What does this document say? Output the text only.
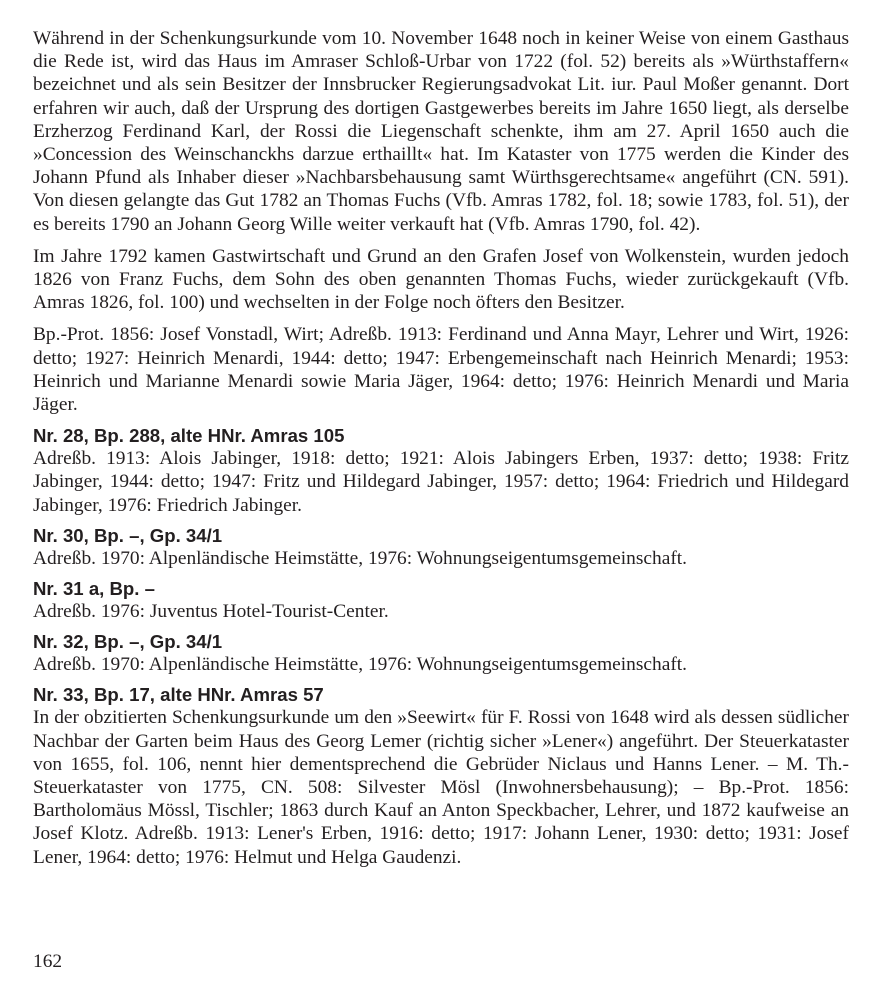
Während in der Schenkungsurkunde vom 10. November 1648 noch in keiner Weise von einem Gasthaus die Rede ist, wird das Haus im Amraser Schloß-Urbar von 1722 (fol. 52) bereits als »Würthstaffern« bezeichnet und als sein Besitzer der Innsbrucker Regierungsadvokat Lit. iur. Paul Moßer genannt. Dort erfahren wir auch, daß der Ursprung des dortigen Gastgewerbes bereits im Jahre 1650 liegt, als derselbe Erzherzog Ferdinand Karl, der Rossi die Liegenschaft schenkte, ihm am 27. April 1650 auch die »Concession des Weinschanckhs darzue erthaillt« hat. Im Kataster von 1775 werden die Kinder des Johann Pfund als Inhaber dieser »Nachbarsbehausung samt Würthsgerechtsame« angeführt (CN. 591). Von diesen gelangte das Gut 1782 an Thomas Fuchs (Vfb. Amras 1782, fol. 18; sowie 1783, fol. 51), der es bereits 1790 an Johann Georg Wille weiter verkauft hat (Vfb. Amras 1790, fol. 42).

Im Jahre 1792 kamen Gastwirtschaft und Grund an den Grafen Josef von Wolkenstein, wurden jedoch 1826 von Franz Fuchs, dem Sohn des oben genannten Thomas Fuchs, wieder zurückgekauft (Vfb. Amras 1826, fol. 100) und wechselten in der Folge noch öfters den Besitzer.

Bp.-Prot. 1856: Josef Vonstadl, Wirt; Adreßb. 1913: Ferdinand und Anna Mayr, Lehrer und Wirt, 1926: detto; 1927: Heinrich Menardi, 1944: detto; 1947: Erbengemeinschaft nach Heinrich Menardi; 1953: Heinrich und Marianne Menardi sowie Maria Jäger, 1964: detto; 1976: Heinrich Menardi und Maria Jäger.

Nr. 28, Bp. 288, alte HNr. Amras 105

Adreßb. 1913: Alois Jabinger, 1918: detto; 1921: Alois Jabingers Erben, 1937: detto; 1938: Fritz Jabinger, 1944: detto; 1947: Fritz und Hildegard Jabinger, 1957: detto; 1964: Friedrich und Hildegard Jabinger, 1976: Friedrich Jabinger.

Nr. 30, Bp. –, Gp. 34/1

Adreßb. 1970: Alpenländische Heimstätte, 1976: Wohnungseigentumsgemeinschaft.

Nr. 31 a, Bp. –

Adreßb. 1976: Juventus Hotel-Tourist-Center.

Nr. 32, Bp. –, Gp. 34/1

Adreßb. 1970: Alpenländische Heimstätte, 1976: Wohnungseigentumsgemeinschaft.

Nr. 33, Bp. 17, alte HNr. Amras 57

In der obzitierten Schenkungsurkunde um den »Seewirt« für F. Rossi von 1648 wird als dessen südlicher Nachbar der Garten beim Haus des Georg Lemer (richtig sicher »Lener«) angeführt. Der Steuerkataster von 1655, fol. 106, nennt hier dementsprechend die Gebrüder Niclaus und Hanns Lener. – M. Th.-Steuerkataster von 1775, CN. 508: Silvester Mösl (Inwohnersbehausung); – Bp.-Prot. 1856: Bartholomäus Mössl, Tischler; 1863 durch Kauf an Anton Speckbacher, Lehrer, und 1872 kaufweise an Josef Klotz. Adreßb. 1913: Lener's Erben, 1916: detto; 1917: Johann Lener, 1930: detto; 1931: Josef Lener, 1964: detto; 1976: Helmut und Helga Gaudenzi.

162
